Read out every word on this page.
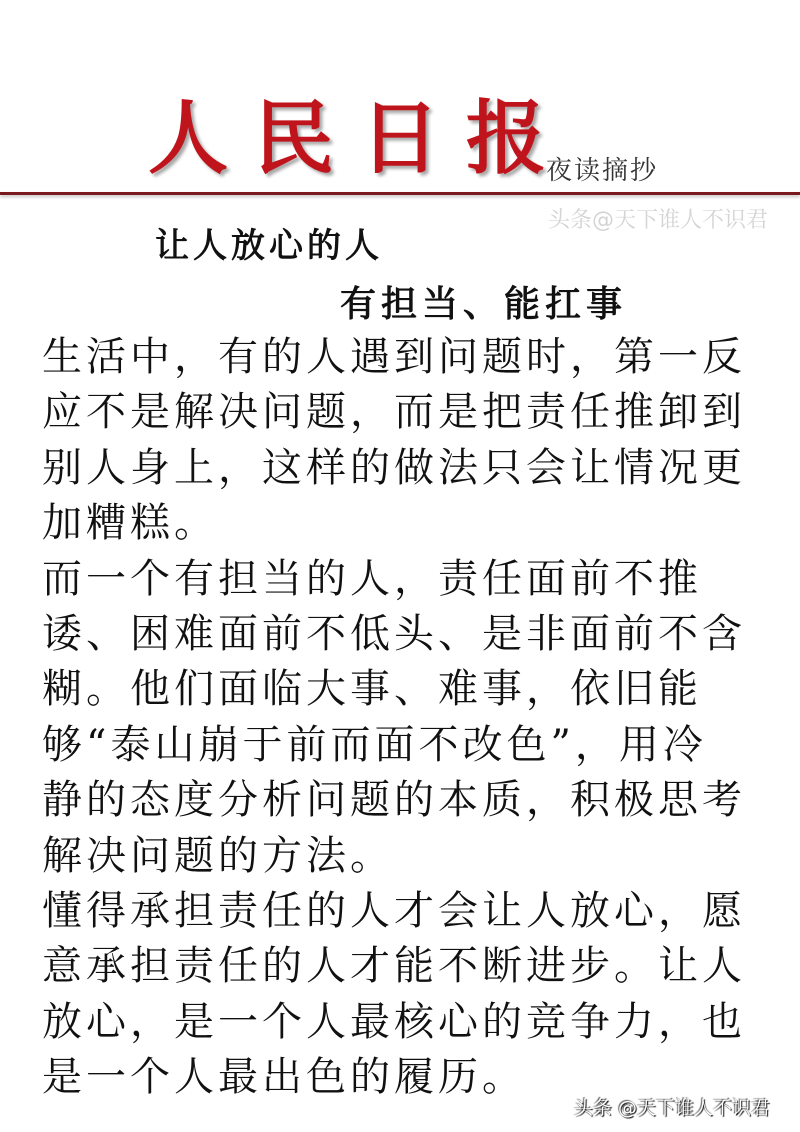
人民日报
夜读摘抄
头条@天下谁人不识君
让人放心的人
有担当、能扛事
生活中，有的人遇到问题时，第一反
应不是解决问题，而是把责任推卸到
别人身上，这样的做法只会让情况更
加糟糕。
而一个有担当的人，责任面前不推
诿、困难面前不低头、是非面前不含
糊。他们面临大事、难事，依旧能
够“泰山崩于前而面不改色”，用冷
静的态度分析问题的本质，积极思考
解决问题的方法。
懂得承担责任的人才会让人放心，愿
意承担责任的人才能不断进步。让人
放心，是一个人最核心的竞争力，也
是一个人最出色的履历。
头条 @天下谁人不识君
